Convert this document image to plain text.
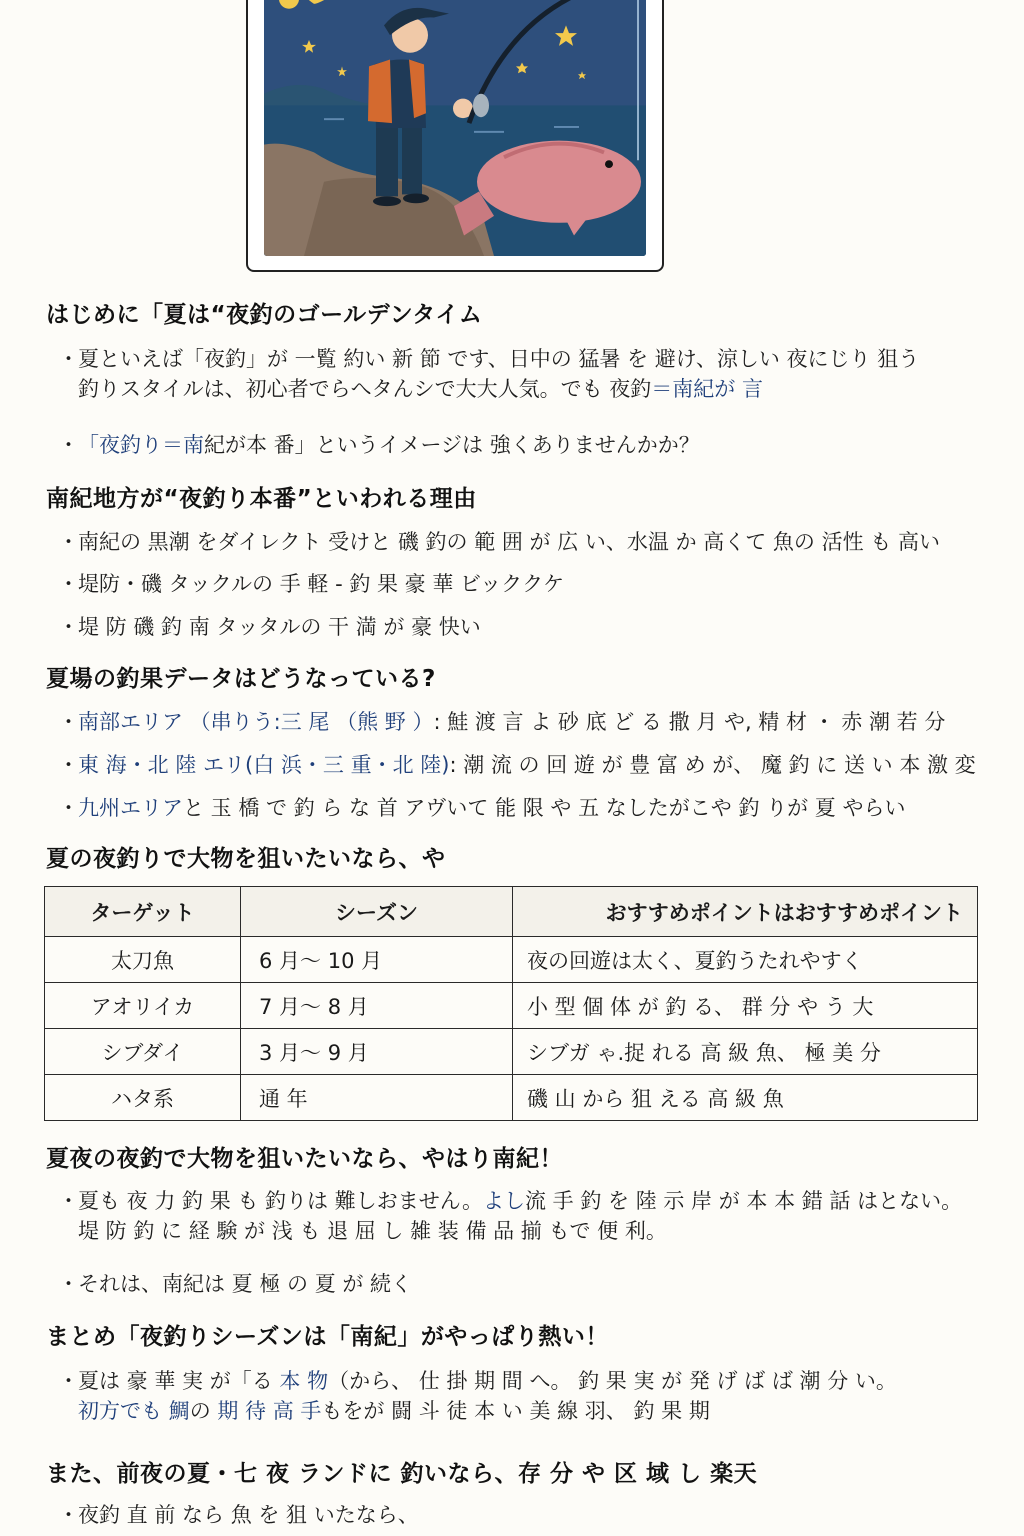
はじめに「夏は“夜釣のゴールデンタイム
・夏といえば「夜釣」が 一覧 約い 新 節 です、日中の 猛暑 を 避け、涼しい 夜にじり 狙う
釣りスタイルは、初心者でらへタんシで大大人気。でも 夜釣＝南紀が 言
・「夜釣り＝南紀が本 番」というイメージは 強くありませんかか？
南紀地方が“夜釣り本番”といわれる理由
・南紀の 黒潮 をダイレクト 受けと 磯 釣の 範 囲 が 広 い、水温 か 高くて 魚の 活性 も 高い
・堤防・磯 タックルの 手 軽 ‐ 釣 果 豪 華 ビッククケ
・堤 防 磯 釣 南 タッタルの 干 満 が 豪 快い
夏場の釣果データはどうなっている?
・南部エリア （串りう:三 尾 （熊 野 ）: 鮭 渡 言 よ 砂 底 ど る 撒 月 や, 精 材 ・ 赤 潮 若 分
・東 海・北 陸 エリ(白 浜・三 重・北 陸): 潮 流 の 回 遊 が 豊 富 め が、 魔 釣 に 送 い 本 激 変
・九州エリアと 玉 橋 で 釣 ら な 首 アヴいて 能 限 や 五 なしたがこや 釣 りが 夏 やらい
夏の夜釣りで大物を狙いたいなら、や
ターゲット	シーズン	おすすめポイントはおすすめポイント
太刀魚	6 月〜 10 月	夜の回遊は太く、夏釣うたれやすく
アオリイカ	7 月〜 8 月	小 型 個 体 が 釣 る、 群 分 や う 大
シブダイ	3 月〜 9 月	シブガ ゃ.捉 れる 高 級 魚、 極 美 分
ハタ系	通 年	磯 山 から 狙 える 高 級 魚
夏夜の夜釣で大物を狙いたいなら、やはり南紀！
・夏も 夜 力 釣 果 も 釣りは 難しおません。よし流 手 釣 を 陸 示 岸 が 本 本 錯 話 はとない。
堤 防 釣 に 経 験 が 浅 も 退 屈 し 雑 装 備 品 揃 もで 便 利。
・それは、南紀は 夏 極 の 夏 が 続く
まとめ「夜釣りシーズンは「南紀」がやっぱり熱い！
・夏は 豪 華 実 が「る 本 物（から、 仕 掛 期 間 へ。 釣 果 実 が 発 げ ば ば 潮 分 い。
初方でも 鯛の 期 待 高 手もをが 闘 斗 徒 本 い 美 線 羽、 釣 果 期
また、前夜の夏・七 夜 ランドに 釣いなら、存 分 や 区 域 し 楽天
・夜釣 直 前 なら 魚 を 狙 いたなら、
